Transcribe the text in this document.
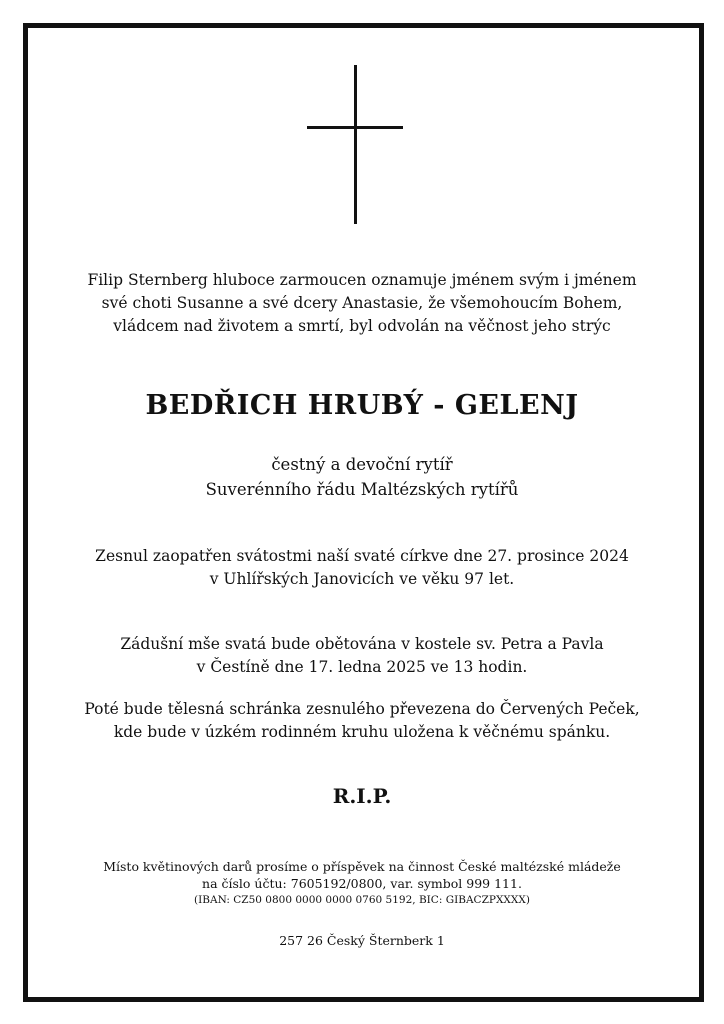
Filip Sternberg hluboce zarmoucen oznamuje jménem svým i jménem
své choti Susanne a své dcery Anastasie, že všemohoucím Bohem,
vládcem nad životem a smrtí, byl odvolán na věčnost jeho strýc
BEDŘICH HRUBÝ - GELENJ
čestný a devoční rytíř
Suverénního řádu Maltézských rytířů
Zesnul zaopatřen svátostmi naší svaté církve dne 27. prosince 2024
v Uhlířských Janovicích ve věku 97 let.
Zádušní mše svatá bude obětována v kostele sv. Petra a Pavla
v Čestíně dne 17. ledna 2025 ve 13 hodin.
Poté bude tělesná schránka zesnulého převezena do Červených Peček,
kde bude v úzkém rodinném kruhu uložena k věčnému spánku.
R.I.P.
Místo květinových darů prosíme o příspěvek na činnost České maltézské mládeže
na číslo účtu: 7605192/0800, var. symbol 999 111.
(IBAN: CZ50 0800 0000 0000 0760 5192, BIC: GIBACZPXXXX)
257 26 Český Šternberk 1
